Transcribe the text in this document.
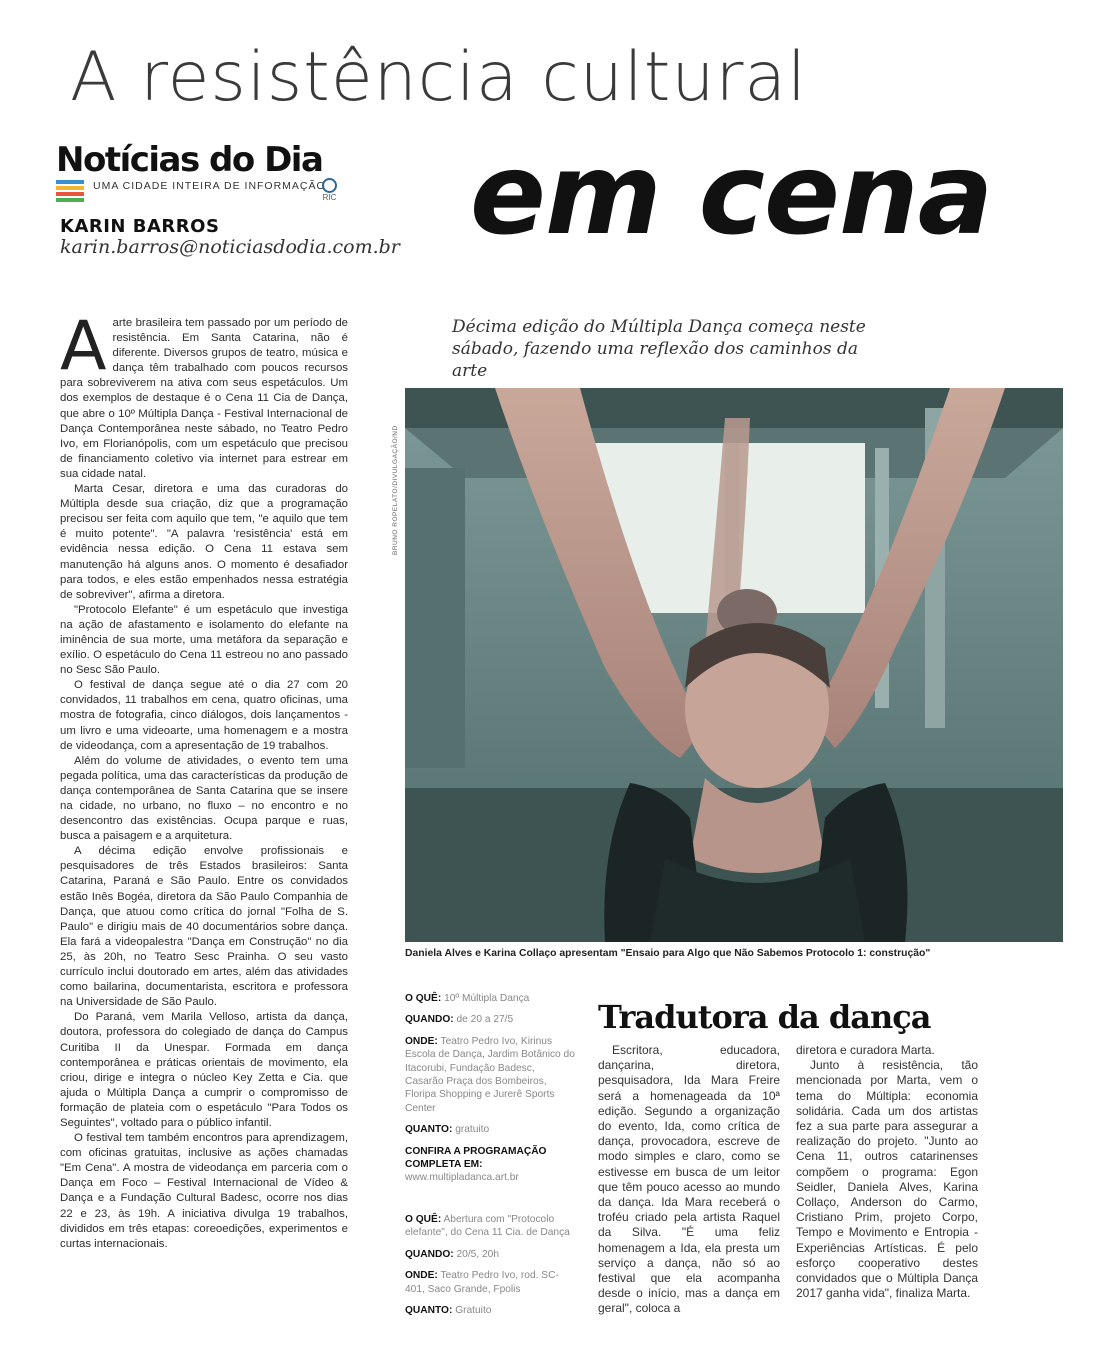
A resistência cultural
em cena
Notícias do Dia
UMA CIDADE INTEIRA DE INFORMAÇÃO
RIC
KARIN BARROS
karin.barros@noticiasdodia.com.br

Aarte brasileira tem passado por um período de resistência. Em Santa Catarina, não é diferente. Diversos grupos de teatro, música e dança têm trabalhado com poucos recursos para sobreviverem na ativa com seus espetáculos. Um dos exemplos de destaque é o Cena 11 Cia de Dança, que abre o 10º Múltipla Dança - Festival Internacional de Dança Contemporânea neste sábado, no Teatro Pedro Ivo, em Florianópolis, com um espetáculo que precisou de financiamento coletivo via internet para estrear em sua cidade natal.

Marta Cesar, diretora e uma das curadoras do Múltipla desde sua criação, diz que a programação precisou ser feita com aquilo que tem, "e aquilo que tem é muito potente". "A palavra 'resistência' está em evidência nessa edição. O Cena 11 estava sem manutenção há alguns anos. O momento é desafiador para todos, e eles estão empenhados nessa estratégia de sobreviver", afirma a diretora.

"Protocolo Elefante" é um espetáculo que investiga na ação de afastamento e isolamento do elefante na iminência de sua morte, uma metáfora da separação e exílio. O espetáculo do Cena 11 estreou no ano passado no Sesc São Paulo.

O festival de dança segue até o dia 27 com 20 convidados, 11 trabalhos em cena, quatro oficinas, uma mostra de fotografia, cinco diálogos, dois lançamentos - um livro e uma videoarte, uma homenagem e a mostra de videodança, com a apresentação de 19 trabalhos.

Além do volume de atividades, o evento tem uma pegada política, uma das características da produção de dança contemporânea de Santa Catarina que se insere na cidade, no urbano, no fluxo – no encontro e no desencontro das existências. Ocupa parque e ruas, busca a paisagem e a arquitetura.

A décima edição envolve profissionais e pesquisadores de três Estados brasileiros: Santa Catarina, Paraná e São Paulo. Entre os convidados estão Inês Bogéa, diretora da São Paulo Companhia de Dança, que atuou como crítica do jornal "Folha de S. Paulo" e dirigiu mais de 40 documentários sobre dança. Ela fará a videopalestra "Dança em Construção" no dia 25, às 20h, no Teatro Sesc Prainha. O seu vasto currículo inclui doutorado em artes, além das atividades como bailarina, documentarista, escritora e professora na Universidade de São Paulo.

Do Paraná, vem Marila Velloso, artista da dança, doutora, professora do colegiado de dança do Campus Curitiba II da Unespar. Formada em dança contemporânea e práticas orientais de movimento, ela criou, dirige e integra o núcleo Key Zetta e Cia. que ajuda o Múltipla Dança a cumprir o compromisso de formação de plateia com o espetáculo "Para Todos os Seguintes", voltado para o público infantil.

O festival tem também encontros para aprendizagem, com oficinas gratuitas, inclusive as ações chamadas "Em Cena". A mostra de videodança em parceria com o Dança em Foco – Festival Internacional de Vídeo & Dança e a Fundação Cultural Badesc, ocorre nos dias 22 e 23, às 19h. A iniciativa divulga 19 trabalhos, divididos em três etapas: coreoedições, experimentos e curtas internacionais.

Décima edição do Múltipla Dança começa neste sábado, fazendo uma reflexão dos caminhos da arte
BRUNO ROPELATO/DIVULGAÇÃO/ND
Daniela Alves e Karina Collaço apresentam "Ensaio para Algo que Não Sabemos Protocolo 1: construção"
O QUÊ: 10º Múltipla Dança
QUANDO: de 20 a 27/5
ONDE: Teatro Pedro Ivo, Kirinus Escola de Dança, Jardim Botânico do Itacorubi, Fundação Badesc, Casarão Praça dos Bombeiros, Floripa Shopping e Jurerê Sports Center
QUANTO: gratuito
CONFIRA A PROGRAMAÇÃO COMPLETA EM: www.multipladanca.art.br
O QUÊ: Abertura com "Protocolo elefante", do Cena 11 Cia. de Dança
QUANDO: 20/5, 20h
ONDE: Teatro Pedro Ivo, rod. SC-401, Saco Grande, Fpolis
QUANTO: Gratuito
Tradutora da dança

Escritora, educadora, dançarina, diretora, pesquisadora, Ida Mara Freire será a homenageada da 10ª edição. Segundo a organização do evento, Ida, como crítica de dança, provocadora, escreve de modo simples e claro, como se estivesse em busca de um leitor que têm pouco acesso ao mundo da dança. Ida Mara receberá o troféu criado pela artista Raquel da Silva. "É uma feliz homenagem a Ida, ela presta um serviço a dança, não só ao festival que ela acompanha desde o início, mas a dança em geral", coloca a

diretora e curadora Marta.

Junto à resistência, tão mencionada por Marta, vem o tema do Múltipla: economia solidária. Cada um dos artistas fez a sua parte para assegurar a realização do projeto. "Junto ao Cena 11, outros catarinenses compõem o programa: Egon Seidler, Daniela Alves, Karina Collaço, Anderson do Carmo, Cristiano Prim, projeto Corpo, Tempo e Movimento e Entropia - Experiências Artísticas. É pelo esforço cooperativo destes convidados que o Múltipla Dança 2017 ganha vida", finaliza Marta.
